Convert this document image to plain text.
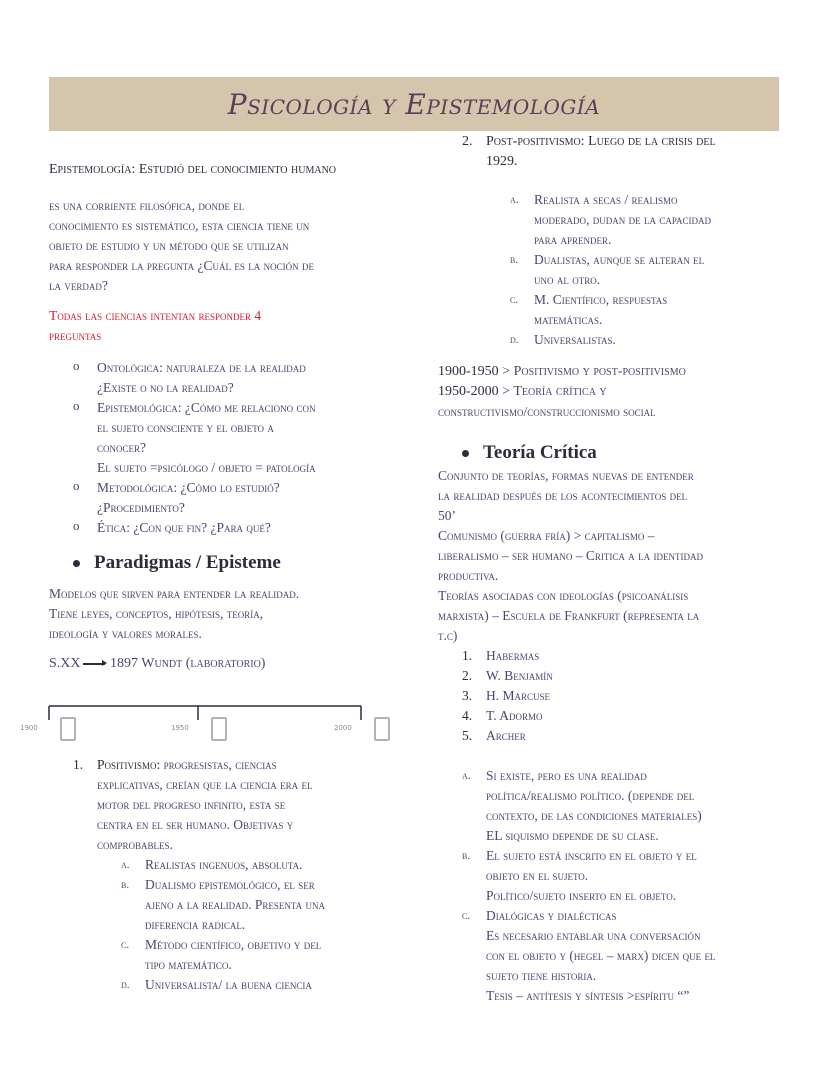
Psicología y Epistemología
Epistemología: Estudió del conocimiento humano
es una corriente filosófica, donde el
conocimiento es sistemático, esta ciencia tiene un
objeto de estudio y un método que se utilizan
para responder la pregunta ¿Cuál es la noción de
la verdad?
Todas las ciencias intentan responder 4
preguntas
o Ontológica: naturaleza de la realidad
¿Existe o no la realidad?
o Epistemológica: ¿Cómo me relaciono con
el sujeto consciente y el objeto a
conocer?
El sujeto =psicólogo / objeto = patología
o Metodológica: ¿Cómo lo estudió?
¿Procedimiento?
o Ética: ¿Con que fin? ¿Para qué?
Paradigmas / Episteme
Modelos que sirven para entender la realidad.
Tiene leyes, conceptos, hipótesis, teoría,
ideología y valores morales.
S.XX 1897 Wundt (laboratorio)
1900	1950	2000
1. Positivismo: progresistas, ciencias
explicativas, creían que la ciencia era el
motor del progreso infinito, esta se
centra en el ser humano. Objetivas y
comprobables.
a. Realistas ingenuos, absoluta.
b. Dualismo epistemológico, el ser
ajeno a la realidad. Presenta una
diferencia radical.
c. Método científico, objetivo y del
tipo matemático.
d. Universalista/ la buena ciencia
2. Post-positivismo: Luego de la crisis del
1929.
a. Realista a secas / realismo
moderado, dudan de la capacidad
para aprender.
b. Dualistas, aunque se alteran el
uno al otro.
c. M. Científico, respuestas
matemáticas.
d. Universalistas.
1900-1950 > Positivismo y post-positivismo
1950-2000 > Teoría crítica y
constructivismo/construccionismo social
Teoría Crítica
Conjunto de teorías, formas nuevas de entender
la realidad después de los acontecimientos del
50’
Comunismo (guerra fría) > capitalismo –
liberalismo – ser humano – Critica a la identidad
productiva.
Teorías asociadas con ideologías (psicoanálisis
marxista) – Escuela de Frankfurt (representa la
t.c)
1. Habermas
2. W. Benjamín
3. H. Marcuse
4. T. Adormo
5. Archer
a. Si existe, pero es una realidad
política/realismo político. (depende del
contexto, de las condiciones materiales)
EL siquismo depende de su clase.
b. El sujeto está inscrito en el objeto y el
objeto en el sujeto.
Político/sujeto inserto en el objeto.
c. Dialógicas y dialécticas
Es necesario entablar una conversación
con el objeto y (hegel – marx) dicen que el
sujeto tiene historia.
Tesis – antítesis y síntesis >espíritu “”
